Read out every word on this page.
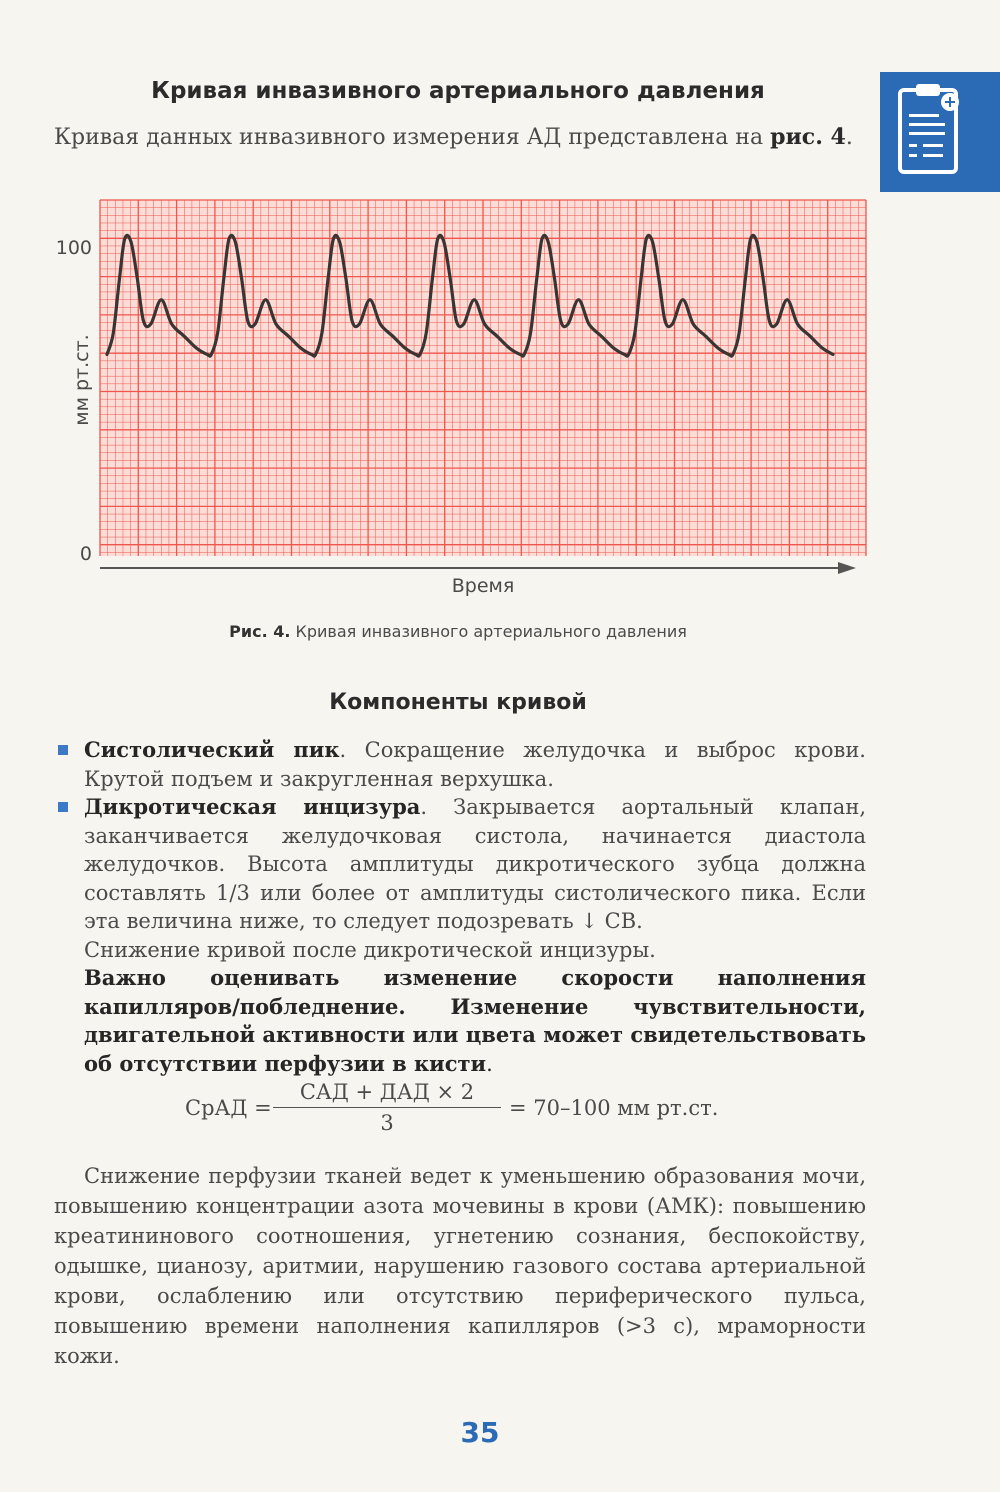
Кривая инвазивного артериального давления
Кривая данных инвазивного измерения АД представлена на рис. 4.
100
0
мм рт.ст.
Время
Рис. 4. Кривая инвазивного артериального давления
Компоненты кривой
Систолический пик. Сокращение желудочка и выброс крови. Крутой подъем и закругленная верхушка.
Дикротическая инцизура. Закрывается аортальный клапан, заканчивается желудочковая систола, начинается диастола желудочков. Высота амплитуды дикротического зубца должна составлять 1/3 или более от амплитуды систолического пика. Если эта величина ниже, то следует подозревать ↓ СВ.
Снижение кривой после дикротической инцизуры.
Важно оценивать изменение скорости наполнения капилляров/побледнение. Изменение чувствительности, двигательной активности или цвета может свидетельствовать об отсутствии перфузии в кисти.
СрАД =
САД + ДАД × 2
3
= 70–100 мм рт.ст.
Снижение перфузии тканей ведет к уменьшению образования мочи, повышению концентрации азота мочевины в крови (АМК): повышению креатининового соотношения, угнетению сознания, беспокойству, одышке, цианозу, аритмии, нарушению газового состава артериальной крови, ослаблению или отсутствию периферического пульса, повышению времени наполнения капилляров (>3 с), мраморности кожи.
35
